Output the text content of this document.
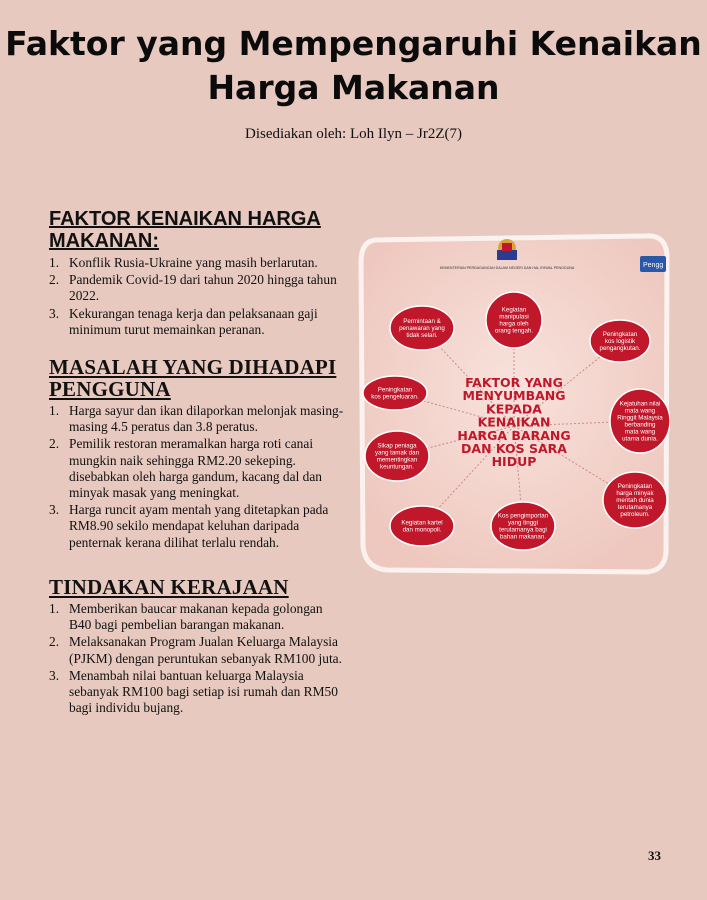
Faktor yang Mempengaruhi Kenaikan
Harga Makanan
Disediakan oleh: Loh Ilyn – Jr2Z(7)
FAKTOR KENAIKAN HARGA MAKANAN:
1. Konflik Rusia-Ukraine yang masih berlarutan.
2. Pandemik Covid-19 dari tahun 2020 hingga tahun 2022.
3. Kekurangan tenaga kerja dan pelaksanaan gaji minimum turut memainkan peranan.
MASALAH YANG DIHADAPI PENGGUNA
1. Harga sayur dan ikan dilaporkan melonjak masing-masing 4.5 peratus dan 3.8 peratus.
2. Pemilik restoran meramalkan harga roti canai mungkin naik sehingga RM2.20 sekeping. disebabkan oleh harga gandum, kacang dal dan minyak masak yang meningkat.
3. Harga runcit ayam mentah yang ditetapkan pada RM8.90 sekilo mendapat keluhan daripada penternak kerana dilihat terlalu rendah.
TINDAKAN KERAJAAN
1. Memberikan baucar makanan kepada golongan B40 bagi pembelian barangan makanan.
2. Melaksanakan Program Jualan Keluarga Malaysia (PJKM) dengan peruntukan sebanyak RM100 juta.
3. Menambah nilai bantuan keluarga Malaysia sebanyak RM100 bagi setiap isi rumah dan RM50 bagi individu bujang.
KEMENTERIAN PERDAGANGAN DALAM NEGERI DAN HAL EHWAL PENGGUNA	Pengg
Permintaan &
penawaran yang
tidak selari.
Kegiatan
manipulasi
harga oleh
orang tengah.	Peningkatan
kos logistik
pengangkutan.
Peningkatan
kos pengeluaran.
Kejatuhan nilai
mata wang
Ringgit Malaysia
berbanding
mata wang
utama dunia.
Sikap peniaga
yang tamak dan
mementingkan
keuntungan.
Peningkatan
harga minyak
mentah dunia
terutamanya
petroleum.
Kegiatan kartel
dan monopoli.
Kos pengimportan
yang tinggi
terutamanya bagi
bahan makanan.
FAKTOR YANG
MENYUMBANG
KEPADA
KENAIKAN
HARGA BARANG
DAN KOS SARA
HIDUP
33
